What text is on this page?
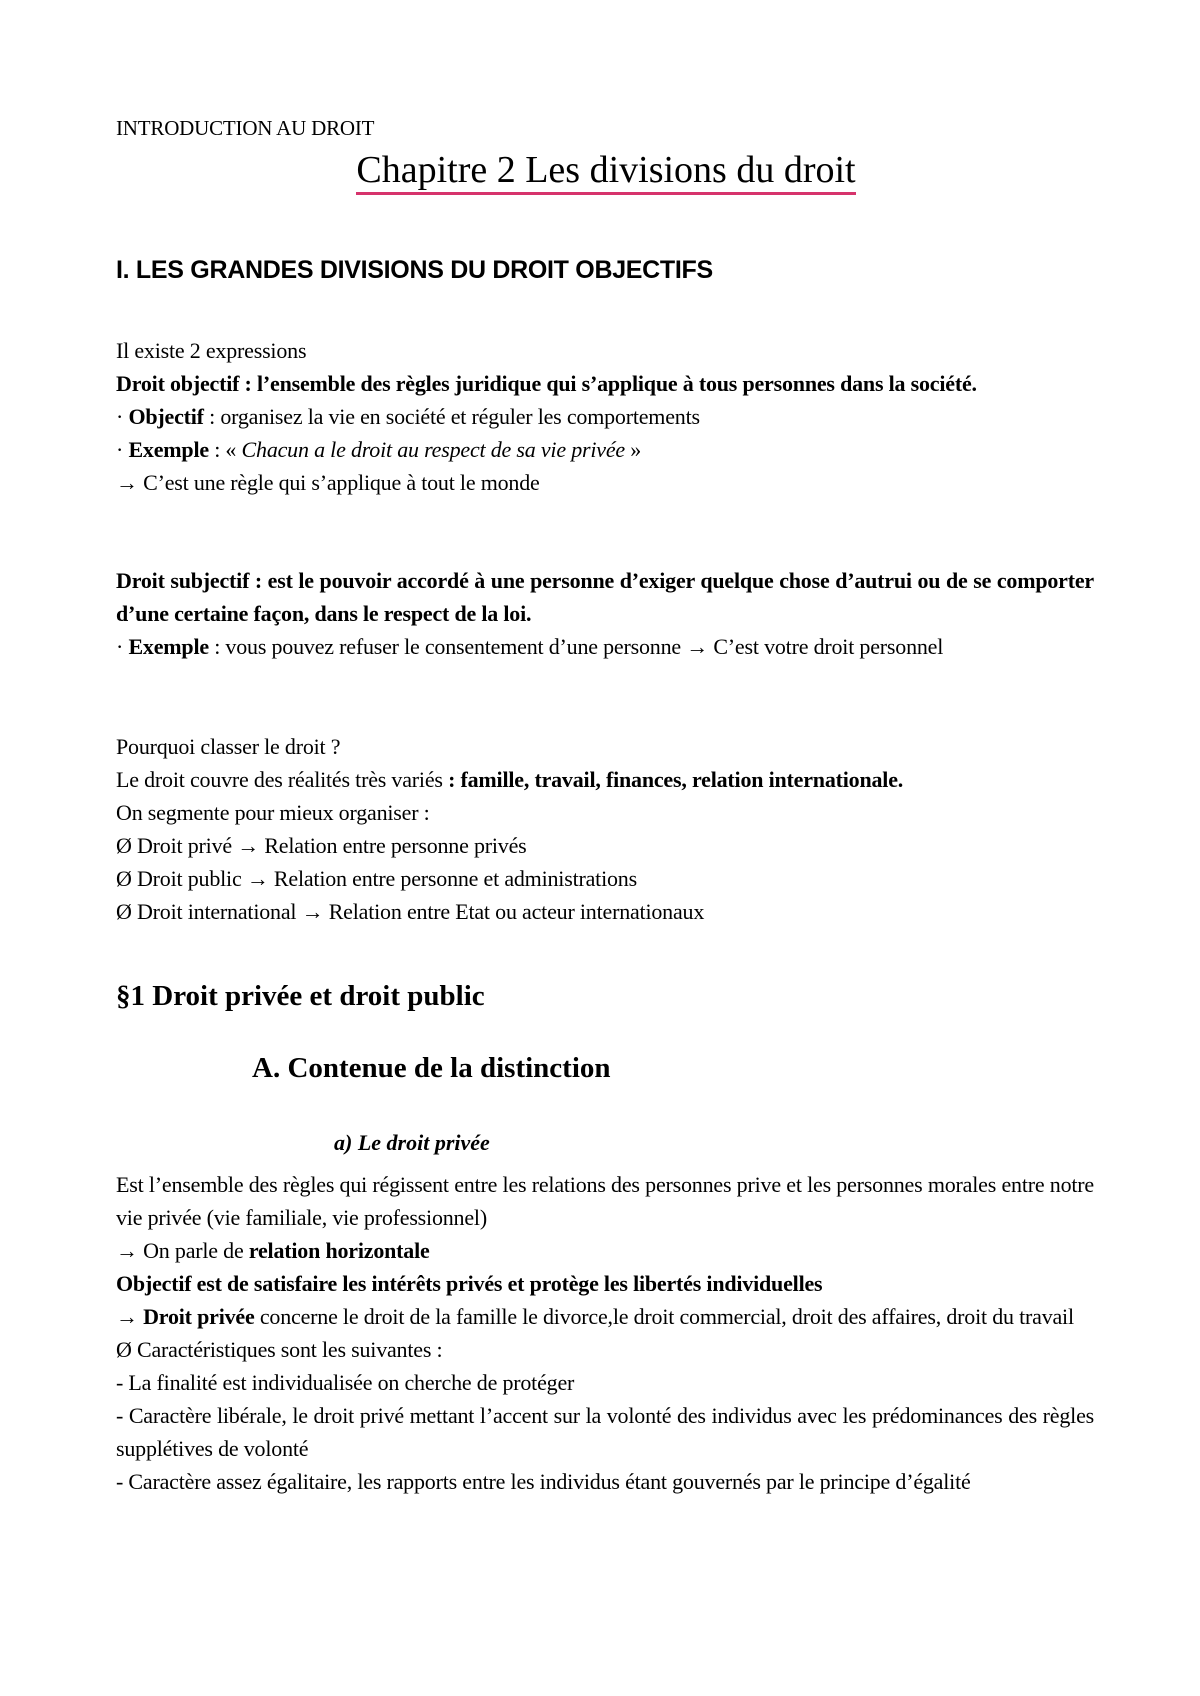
INTRODUCTION AU DROIT
Chapitre 2 Les divisions du droit
I. LES GRANDES DIVISIONS DU DROIT OBJECTIFS

Il existe 2 expressions

Droit objectif : l’ensemble des règles juridique qui s’applique à tous personnes dans la société.

· Objectif : organisez la vie en société et réguler les comportements

· Exemple : « Chacun a le droit au respect de sa vie privée »

→ C’est une règle qui s’applique à tout le monde

Droit subjectif : est le pouvoir accordé à une personne d’exiger quelque chose d’autrui ou de se comporter d’une certaine façon, dans le respect de la loi.

· Exemple : vous pouvez refuser le consentement d’une personne → C’est votre droit personnel

Pourquoi classer le droit ?

Le droit couvre des réalités très variés : famille, travail, finances, relation internationale.

On segmente pour mieux organiser :

Ø Droit privé → Relation entre personne privés

Ø Droit public → Relation entre personne et administrations

Ø Droit international → Relation entre Etat ou acteur internationaux

§1 Droit privée et droit public
A. Contenue de la distinction
a) Le droit privée

Est l’ensemble des règles qui régissent entre les relations des personnes prive et les personnes morales entre notre vie privée (vie familiale, vie professionnel)

→ On parle de relation horizontale

Objectif est de satisfaire les intérêts privés et protège les libertés individuelles

→ Droit privée concerne le droit de la famille le divorce,le droit commercial, droit des affaires, droit du travail

Ø Caractéristiques sont les suivantes :

- La finalité est individualisée on cherche de protéger

- Caractère libérale, le droit privé mettant l’accent sur la volonté des individus avec les prédominances des règles supplétives de volonté

- Caractère assez égalitaire, les rapports entre les individus étant gouvernés par le principe d’égalité
